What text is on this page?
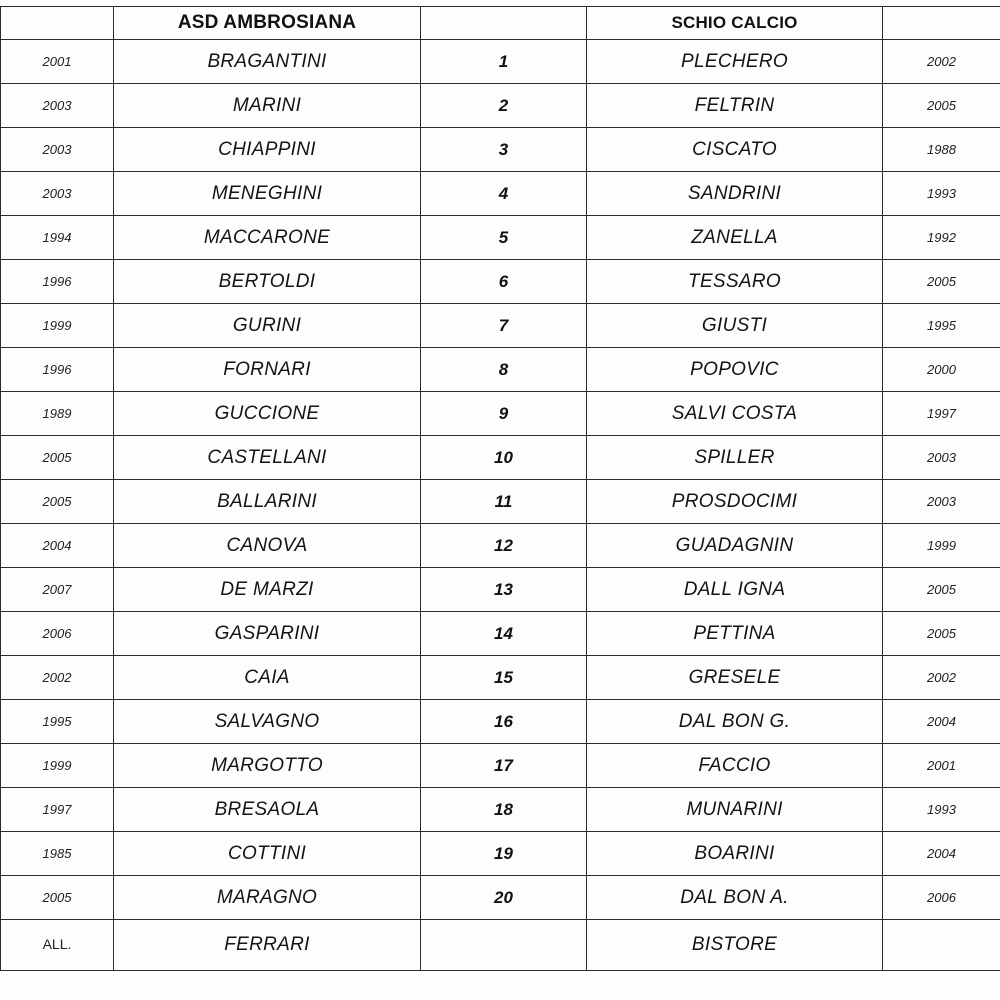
	ASD AMBROSIANA		SCHIO CALCIO	
2001	BRAGANTINI	1	PLECHERO	2002
2003	MARINI	2	FELTRIN	2005
2003	CHIAPPINI	3	CISCATO	1988
2003	MENEGHINI	4	SANDRINI	1993
1994	MACCARONE	5	ZANELLA	1992
1996	BERTOLDI	6	TESSARO	2005
1999	GURINI	7	GIUSTI	1995
1996	FORNARI	8	POPOVIC	2000
1989	GUCCIONE	9	SALVI COSTA	1997
2005	CASTELLANI	10	SPILLER	2003
2005	BALLARINI	11	PROSDOCIMI	2003
2004	CANOVA	12	GUADAGNIN	1999
2007	DE MARZI	13	DALL IGNA	2005
2006	GASPARINI	14	PETTINA	2005
2002	CAIA	15	GRESELE	2002
1995	SALVAGNO	16	DAL BON G.	2004
1999	MARGOTTO	17	FACCIO	2001
1997	BRESAOLA	18	MUNARINI	1993
1985	COTTINI	19	BOARINI	2004
2005	MARAGNO	20	DAL BON A.	2006
ALL.	FERRARI		BISTORE	
